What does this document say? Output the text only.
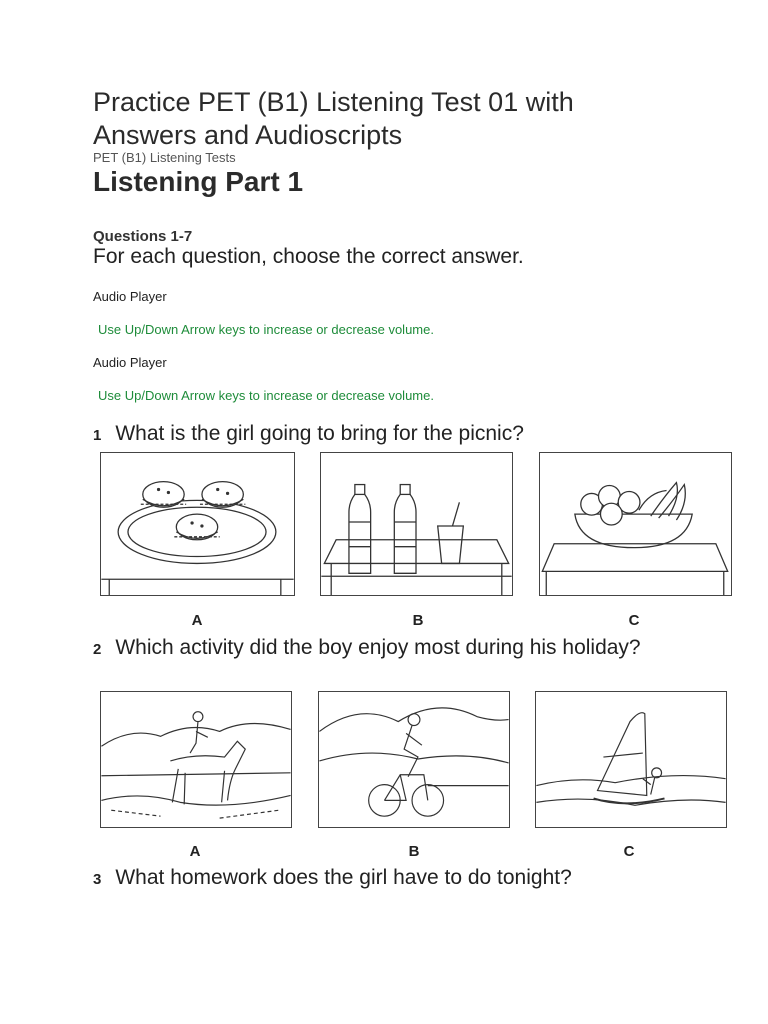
Practice PET (B1) Listening Test 01 with Answers and Audioscripts
PET (B1) Listening Tests
Listening Part 1
Questions 1-7
For each question, choose the correct answer.
Audio Player
Use Up/Down Arrow keys to increase or decrease volume.
Audio Player
Use Up/Down Arrow keys to increase or decrease volume.
1 What is the girl going to bring for the picnic?
A	B	C
2 Which activity did the boy enjoy most during his holiday?
A	B	C
3 What homework does the girl have to do tonight?
